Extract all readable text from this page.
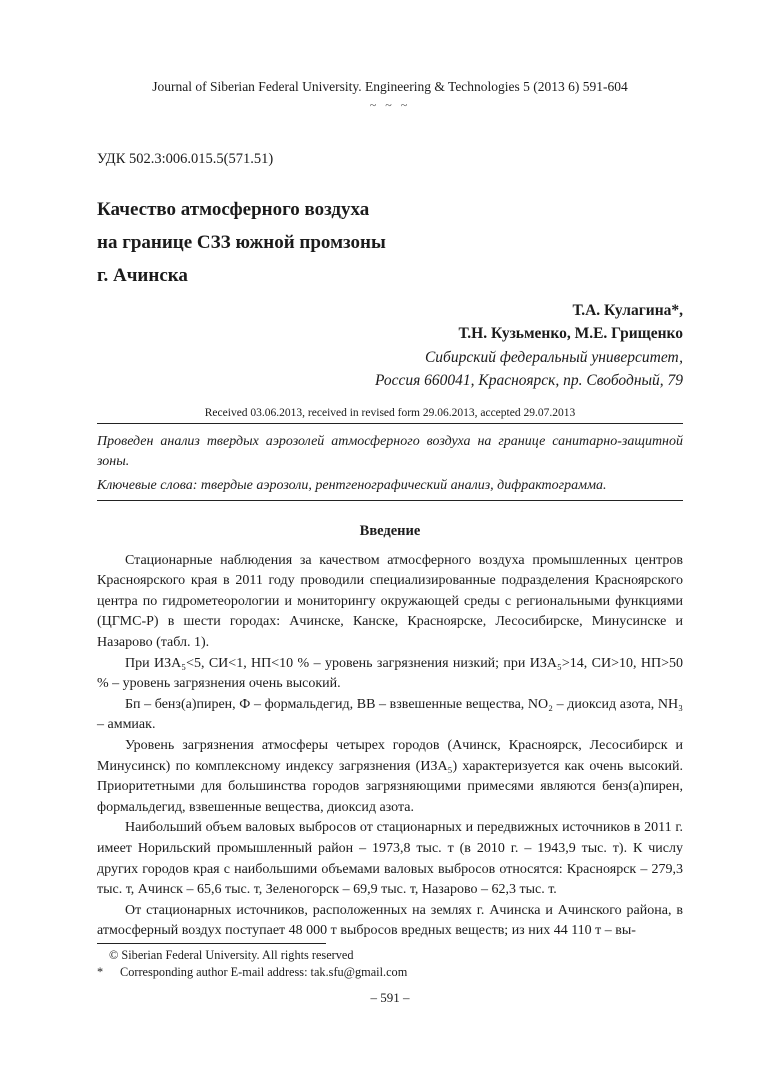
Journal of Siberian Federal University. Engineering & Technologies 5 (2013 6) 591-604
~ ~ ~
УДК 502.3:006.015.5(571.51)
Качество атмосферного воздуха
на границе СЗЗ южной промзоны
г. Ачинска
Т.А. Кулагина*,
Т.Н. Кузьменко, М.Е. Грищенко
Сибирский федеральный университет,
Россия 660041, Красноярск, пр. Свободный, 79
Received 03.06.2013, received in revised form 29.06.2013, accepted 29.07.2013
Проведен анализ твердых аэрозолей атмосферного воздуха на границе санитарно-защитной зоны.
Ключевые слова: твердые аэрозоли, рентгенографический анализ, дифрактограмма.
Введение

Стационарные наблюдения за качеством атмосферного воздуха промышленных центров Красноярского края в 2011 году проводили специализированные подразделения Красноярского центра по гидрометеорологии и мониторингу окружающей среды с региональными функциями (ЦГМС-Р) в шести городах: Ачинске, Канске, Красноярске, Лесосибирске, Минусинске и Назарово (табл. 1).

При ИЗА₅<5, СИ<1, НП<10 % – уровень загрязнения низкий; при ИЗА₅>14, СИ>10, НП>50 % – уровень загрязнения очень высокий.

Бп – бенз(а)пирен, Ф – формальдегид, ВВ – взвешенные вещества, NO₂ – диоксид азота, NH₃ – аммиак.

Уровень загрязнения атмосферы четырех городов (Ачинск, Красноярск, Лесосибирск и Минусинск) по комплексному индексу загрязнения (ИЗА₅) характеризуется как очень высокий. Приоритетными для большинства городов загрязняющими примесями являются бенз(а)пирен, формальдегид, взвешенные вещества, диоксид азота.

Наибольший объем валовых выбросов от стационарных и передвижных источников в 2011 г. имеет Норильский промышленный район – 1973,8 тыс. т (в 2010 г. – 1943,9 тыс. т). К числу других городов края с наибольшими объемами валовых выбросов относятся: Красноярск – 279,3 тыс. т, Ачинск – 65,6 тыс. т, Зеленогорск – 69,9 тыс. т, Назарово – 62,3 тыс. т.

От стационарных источников, расположенных на землях г. Ачинска и Ачинского района, в атмосферный воздух поступает 48 000 т выбросов вредных веществ; из них 44 110 т – вы-

© Siberian Federal University. All rights reserved
*	Corresponding author E-mail address: tak.sfu@gmail.com
– 591 –
